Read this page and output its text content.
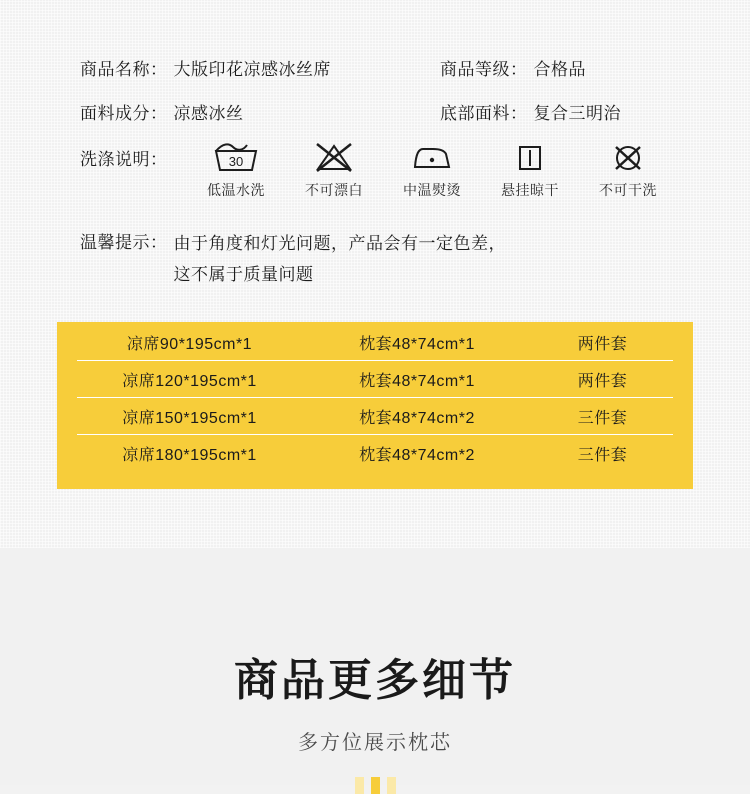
商品名称： 大版印花凉感冰丝席	商品等级： 合格品
面料成分： 凉感冰丝	底部面料： 复合三明治
洗涤说明：	30
低温水洗	不可漂白	中温熨烫	悬挂晾干	不可干洗
温馨提示： 由于角度和灯光问题，产品会有一定色差，
这不属于质量问题
凉席90*195cm*1	枕套48*74cm*1	两件套
凉席120*195cm*1	枕套48*74cm*1	两件套
凉席150*195cm*1	枕套48*74cm*2	三件套
凉席180*195cm*1	枕套48*74cm*2	三件套
商品更多细节
多方位展示枕芯
